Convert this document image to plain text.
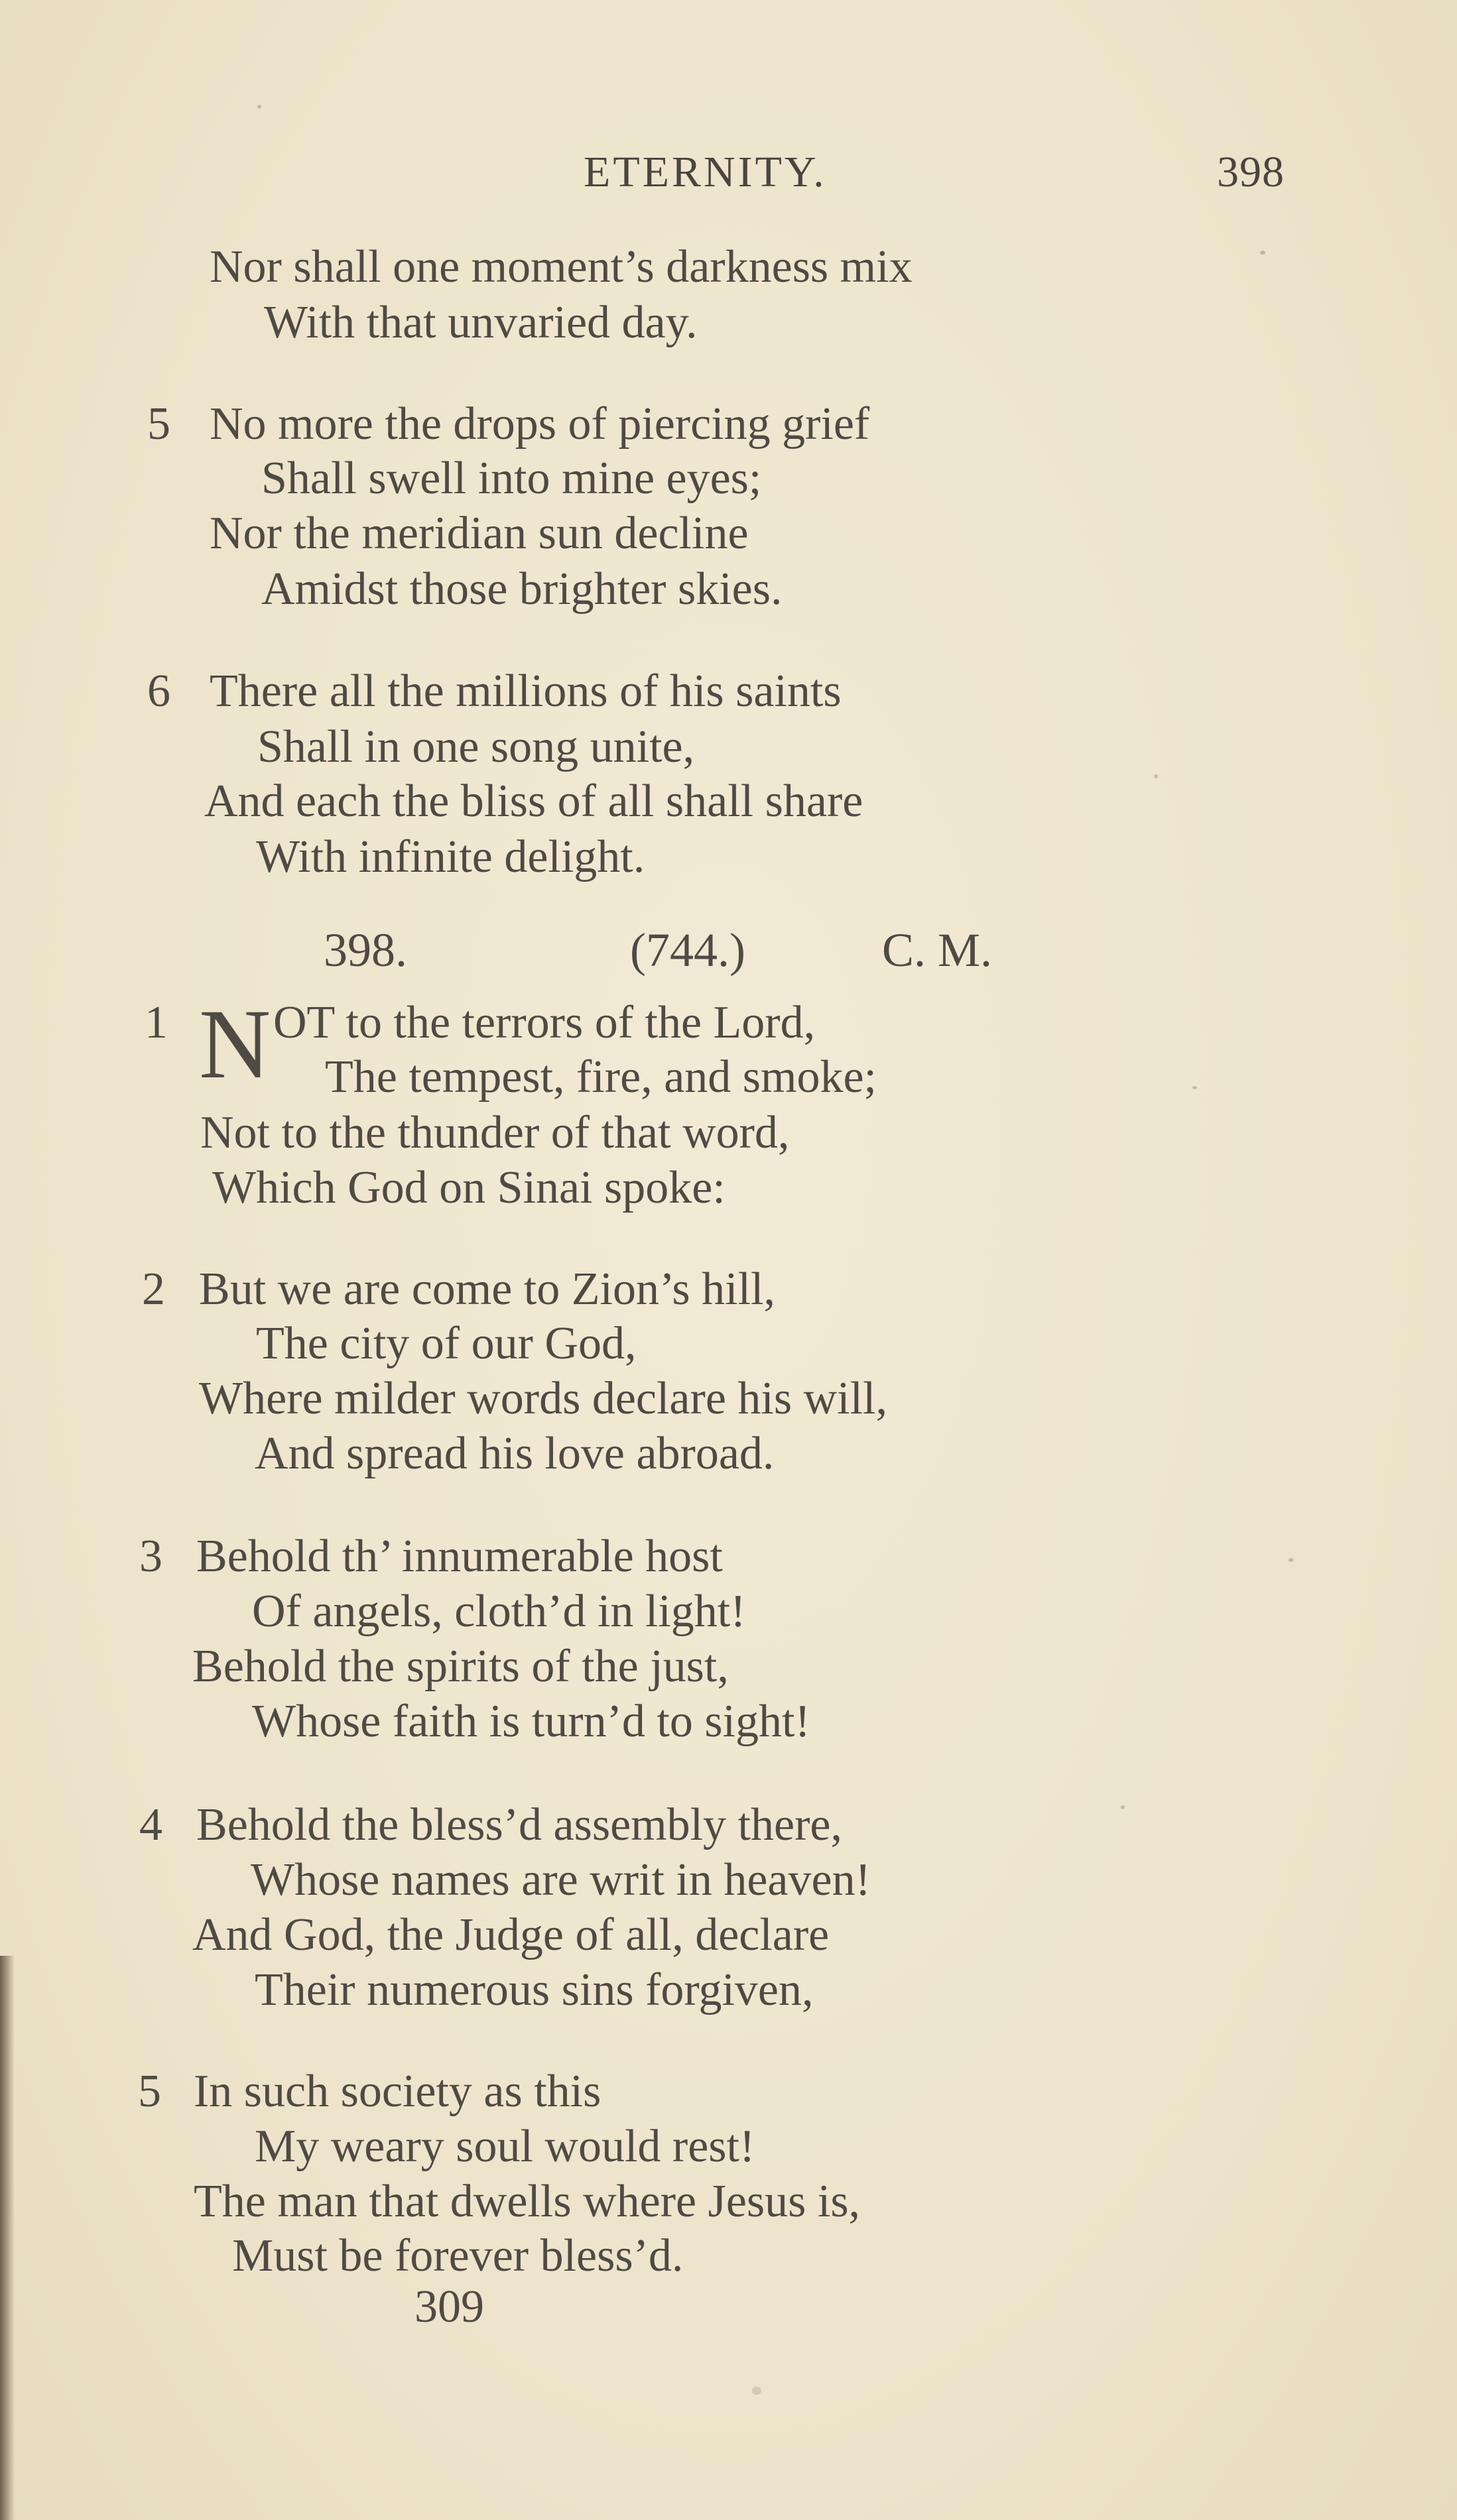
ETERNITY.	398
Nor shall one moment’s darkness mix
With that unvaried day.
5 No more the drops of piercing grief
Shall swell into mine eyes;
Nor the meridian sun decline
Amidst those brighter skies.
6 There all the millions of his saints
Shall in one song unite,
And each the bliss of all shall share
With infinite delight.
398.	(744.)	C. M.
1 N OT to the terrors of the Lord,
The tempest, fire, and smoke;
Not to the thunder of that word,
Which God on Sinai spoke:
2 But we are come to Zion’s hill,
The city of our God,
Where milder words declare his will,
And spread his love abroad.
3 Behold th’ innumerable host
Of angels, cloth’d in light!
Behold the spirits of the just,
Whose faith is turn’d to sight!
4 Behold the bless’d assembly there,
Whose names are writ in heaven!
And God, the Judge of all, declare
Their numerous sins forgiven,
5 In such society as this
My weary soul would rest!
The man that dwells where Jesus is,
Must be forever bless’d.
309
